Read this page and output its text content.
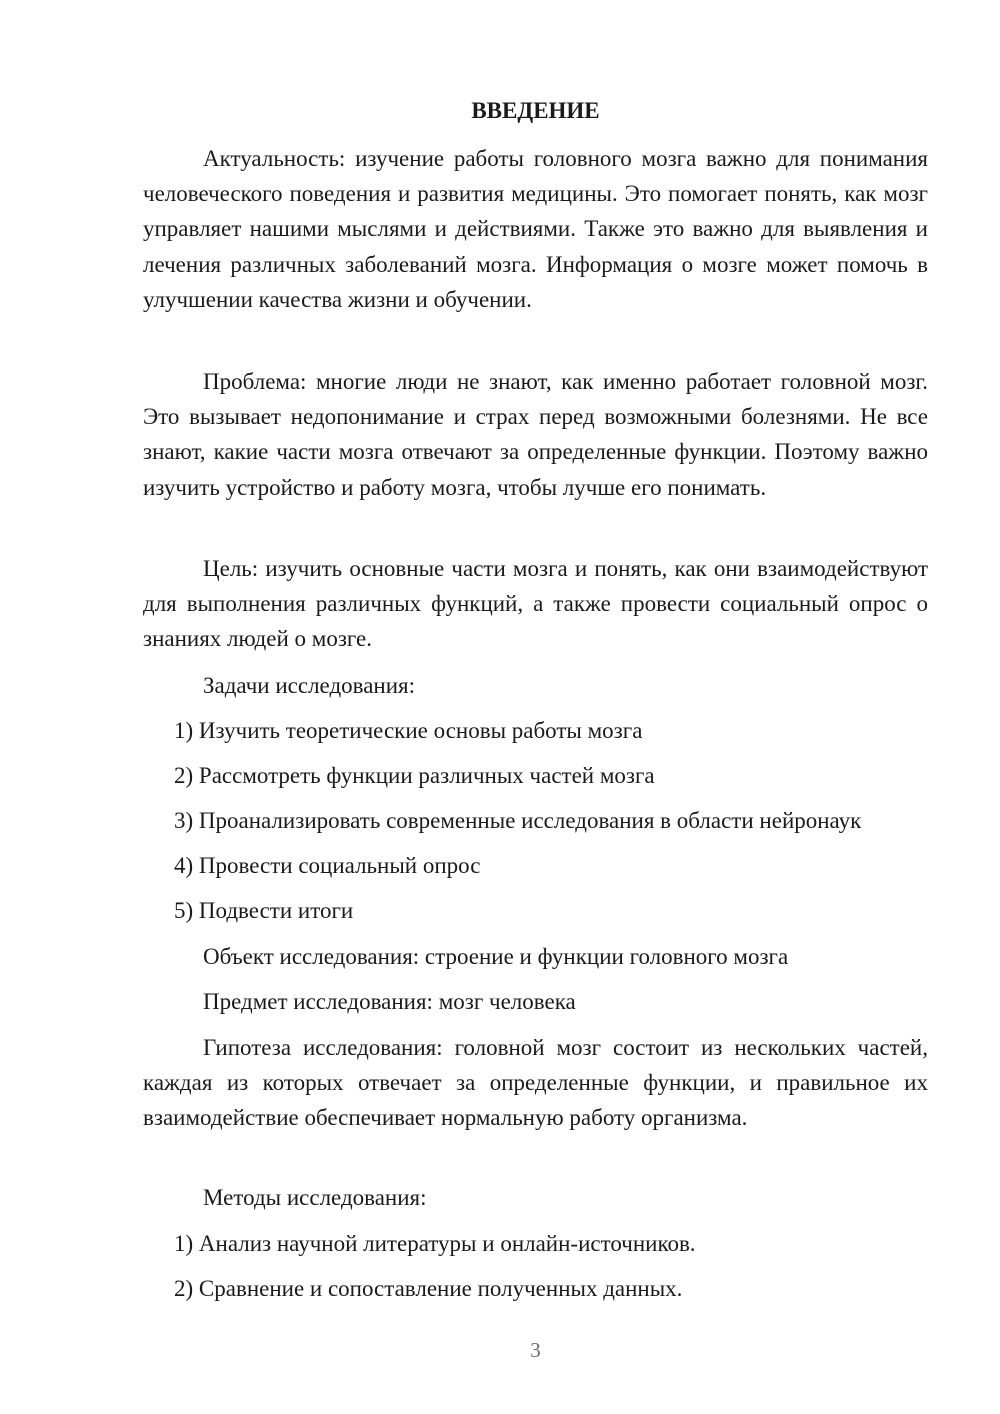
ВВЕДЕНИЕ

Актуальность: изучение работы головного мозга важно для понимания человеческого поведения и развития медицины. Это помогает понять, как мозг управляет нашими мыслями и действиями. Также это важно для выявления и лечения различных заболеваний мозга. Информация о мозге может помочь в улучшении качества жизни и обучении.

Проблема: многие люди не знают, как именно работает головной мозг. Это вызывает недопонимание и страх перед возможными болезнями. Не все знают, какие части мозга отвечают за определенные функции. Поэтому важно изучить устройство и работу мозга, чтобы лучше его понимать.

Цель: изучить основные части мозга и понять, как они взаимодействуют для выполнения различных функций, а также провести социальный опрос о знаниях людей о мозге.

Задачи исследования:

1) Изучить теоретические основы работы мозга

2) Рассмотреть функции различных частей мозга

3) Проанализировать современные исследования в области нейронаук

4) Провести социальный опрос

5) Подвести итоги

Объект исследования: строение и функции головного мозга

Предмет исследования: мозг человека

Гипотеза исследования: головной мозг состоит из нескольких частей, каждая из которых отвечает за определенные функции, и правильное их взаимодействие обеспечивает нормальную работу организма.

Методы исследования:

1) Анализ научной литературы и онлайн-источников.

2) Сравнение и сопоставление полученных данных.

3
